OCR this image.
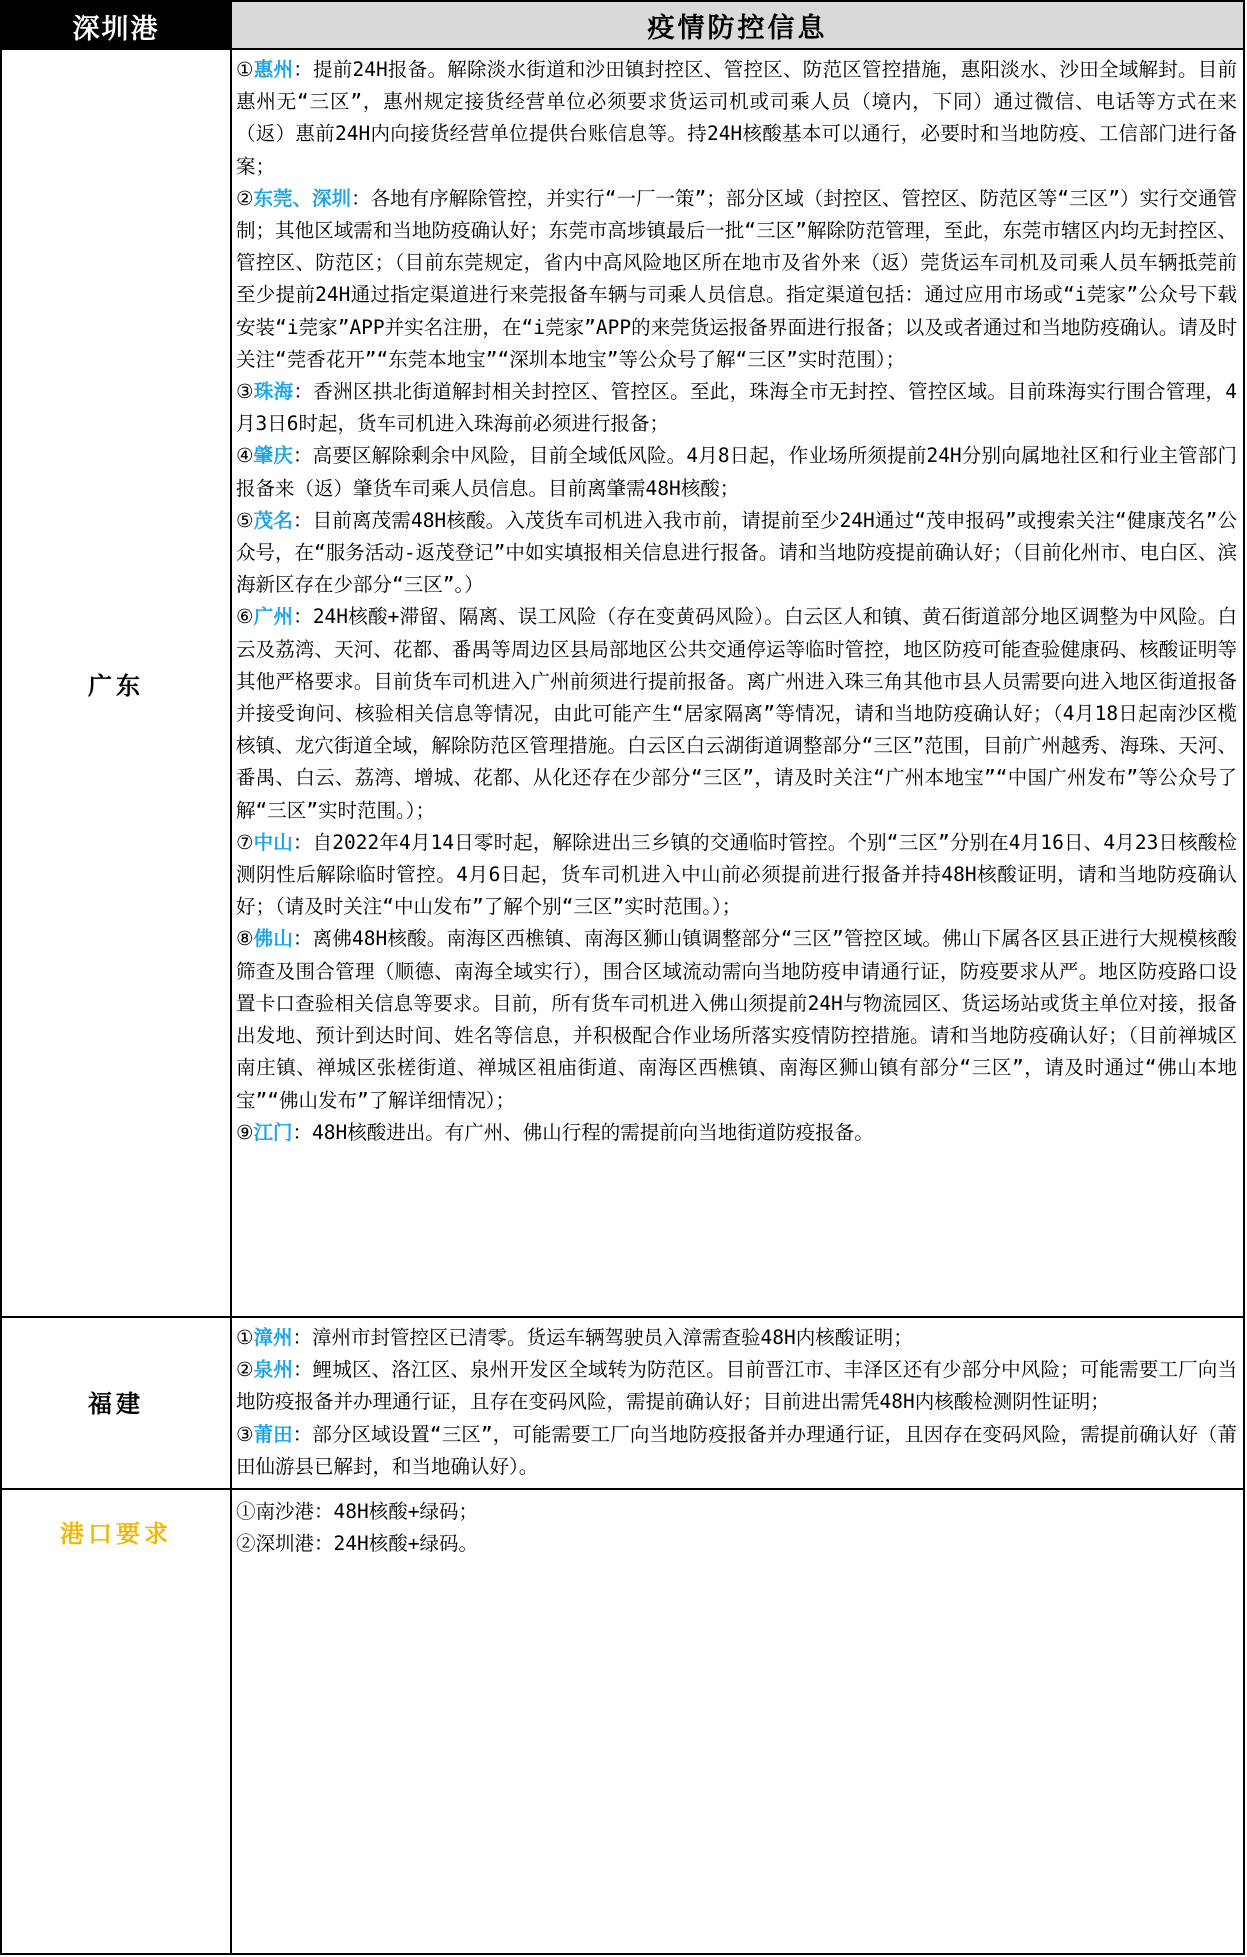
深圳港	疫情防控信息
广东

①惠州：提前24H报备。解除淡水街道和沙田镇封控区、管控区、防范区管控措施，惠阳淡水、沙田全域解封。目前惠州无“三区”，惠州规定接货经营单位必须要求货运司机或司乘人员（境内，下同）通过微信、电话等方式在来（返）惠前24H内向接货经营单位提供台账信息等。持24H核酸基本可以通行，必要时和当地防疫、工信部门进行备案；

②东莞、深圳：各地有序解除管控，并实行“一厂一策”；部分区域（封控区、管控区、防范区等“三区”）实行交通管制；其他区域需和当地防疫确认好；东莞市高埗镇最后一批“三区”解除防范管理，至此，东莞市辖区内均无封控区、管控区、防范区；（目前东莞规定，省内中高风险地区所在地市及省外来（返）莞货运车司机及司乘人员车辆抵莞前至少提前24H通过指定渠道进行来莞报备车辆与司乘人员信息。指定渠道包括：通过应用市场或“i莞家”公众号下载安装“i莞家”APP并实名注册，在“i莞家”APP的来莞货运报备界面进行报备；以及或者通过和当地防疫确认。请及时关注“莞香花开”“东莞本地宝”“深圳本地宝”等公众号了解“三区”实时范围）；

③珠海：香洲区拱北街道解封相关封控区、管控区。至此，珠海全市无封控、管控区域。目前珠海实行围合管理，4月3日6时起，货车司机进入珠海前必须进行报备；

④肇庆：高要区解除剩余中风险，目前全域低风险。4月8日起，作业场所须提前24H分别向属地社区和行业主管部门报备来（返）肇货车司乘人员信息。目前离肇需48H核酸；

⑤茂名：目前离茂需48H核酸。入茂货车司机进入我市前，请提前至少24H通过“茂申报码”或搜索关注“健康茂名”公众号，在“服务活动-返茂登记”中如实填报相关信息进行报备。请和当地防疫提前确认好；（目前化州市、电白区、滨海新区存在少部分“三区”。）

⑥广州：24H核酸+滞留、隔离、误工风险（存在变黄码风险）。白云区人和镇、黄石街道部分地区调整为中风险。白云及荔湾、天河、花都、番禺等周边区县局部地区公共交通停运等临时管控，地区防疫可能查验健康码、核酸证明等其他严格要求。目前货车司机进入广州前须进行提前报备。离广州进入珠三角其他市县人员需要向进入地区街道报备并接受询问、核验相关信息等情况，由此可能产生“居家隔离”等情况，请和当地防疫确认好；（4月18日起南沙区榄核镇、龙穴街道全域，解除防范区管理措施。白云区白云湖街道调整部分“三区”范围，目前广州越秀、海珠、天河、番禺、白云、荔湾、增城、花都、从化还存在少部分“三区”，请及时关注“广州本地宝”“中国广州发布”等公众号了解“三区”实时范围。）；

⑦中山：自2022年4月14日零时起，解除进出三乡镇的交通临时管控。个别“三区”分别在4月16日、4月23日核酸检测阴性后解除临时管控。4月6日起，货车司机进入中山前必须提前进行报备并持48H核酸证明，请和当地防疫确认好；（请及时关注“中山发布”了解个别“三区”实时范围。）；

⑧佛山：离佛48H核酸。南海区西樵镇、南海区狮山镇调整部分“三区”管控区域。佛山下属各区县正进行大规模核酸筛查及围合管理（顺德、南海全域实行），围合区域流动需向当地防疫申请通行证，防疫要求从严。地区防疫路口设置卡口查验相关信息等要求。目前，所有货车司机进入佛山须提前24H与物流园区、货运场站或货主单位对接，报备出发地、预计到达时间、姓名等信息，并积极配合作业场所落实疫情防控措施。请和当地防疫确认好；（目前禅城区南庄镇、禅城区张槎街道、禅城区祖庙街道、南海区西樵镇、南海区狮山镇有部分“三区”，请及时通过“佛山本地宝”“佛山发布”了解详细情况）；

⑨江门：48H核酸进出。有广州、佛山行程的需提前向当地街道防疫报备。

福建

①漳州：漳州市封管控区已清零。货运车辆驾驶员入漳需查验48H内核酸证明；

②泉州：鲤城区、洛江区、泉州开发区全域转为防范区。目前晋江市、丰泽区还有少部分中风险；可能需要工厂向当地防疫报备并办理通行证，且存在变码风险，需提前确认好；目前进出需凭48H内核酸检测阴性证明；

③莆田：部分区域设置“三区”，可能需要工厂向当地防疫报备并办理通行证，且因存在变码风险，需提前确认好（莆田仙游县已解封，和当地确认好）。

港口要求

①南沙港：48H核酸+绿码；

②深圳港：24H核酸+绿码。
